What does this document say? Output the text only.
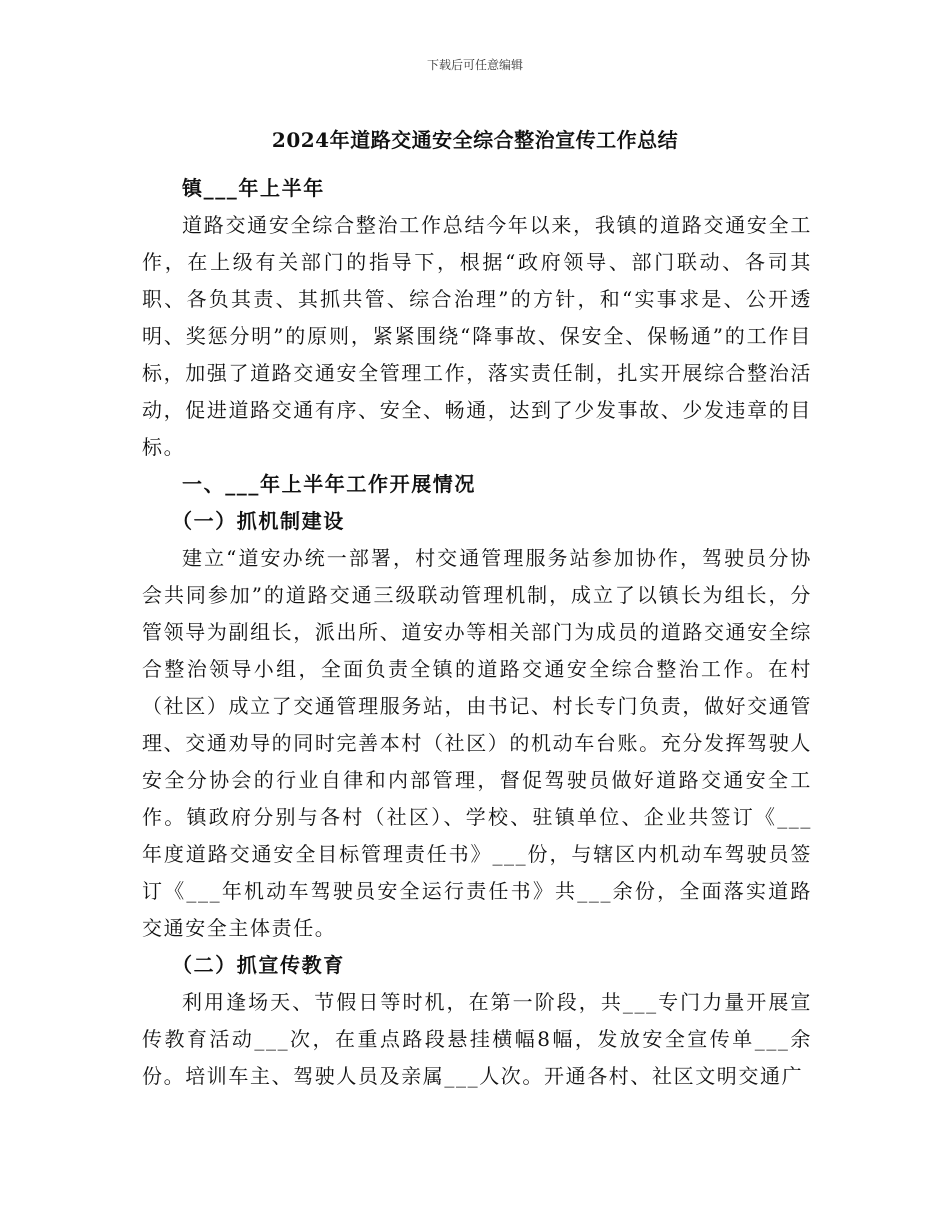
下载后可任意编辑
2024年道路交通安全综合整治宣传工作总结

镇___年上半年

道路交通安全综合整治工作总结今年以来，我镇的道路交通安全工作，在上级有关部门的指导下，根据“政府领导、部门联动、各司其职、各负其责、其抓共管、综合治理”的方针，和“实事求是、公开透明、奖惩分明”的原则，紧紧围绕“降事故、保安全、保畅通”的工作目标，加强了道路交通安全管理工作，落实责任制，扎实开展综合整治活动，促进道路交通有序、安全、畅通，达到了少发事故、少发违章的目标。

一、___年上半年工作开展情况

（一）抓机制建设

建立“道安办统一部署，村交通管理服务站参加协作，驾驶员分协会共同参加”的道路交通三级联动管理机制，成立了以镇长为组长，分管领导为副组长，派出所、道安办等相关部门为成员的道路交通安全综合整治领导小组，全面负责全镇的道路交通安全综合整治工作。在村（社区）成立了交通管理服务站，由书记、村长专门负责，做好交通管理、交通劝导的同时完善本村（社区）的机动车台账。充分发挥驾驶人安全分协会的行业自律和内部管理，督促驾驶员做好道路交通安全工作。镇政府分别与各村（社区）、学校、驻镇单位、企业共签订《___年度道路交通安全目标管理责任书》___份，与辖区内机动车驾驶员签订《___年机动车驾驶员安全运行责任书》共___余份，全面落实道路交通安全主体责任。

（二）抓宣传教育

利用逢场天、节假日等时机，在第一阶段，共___专门力量开展宣传教育活动___次，在重点路段悬挂横幅8幅，发放安全宣传单___余份。培训车主、驾驶人员及亲属___人次。开通各村、社区文明交通广
